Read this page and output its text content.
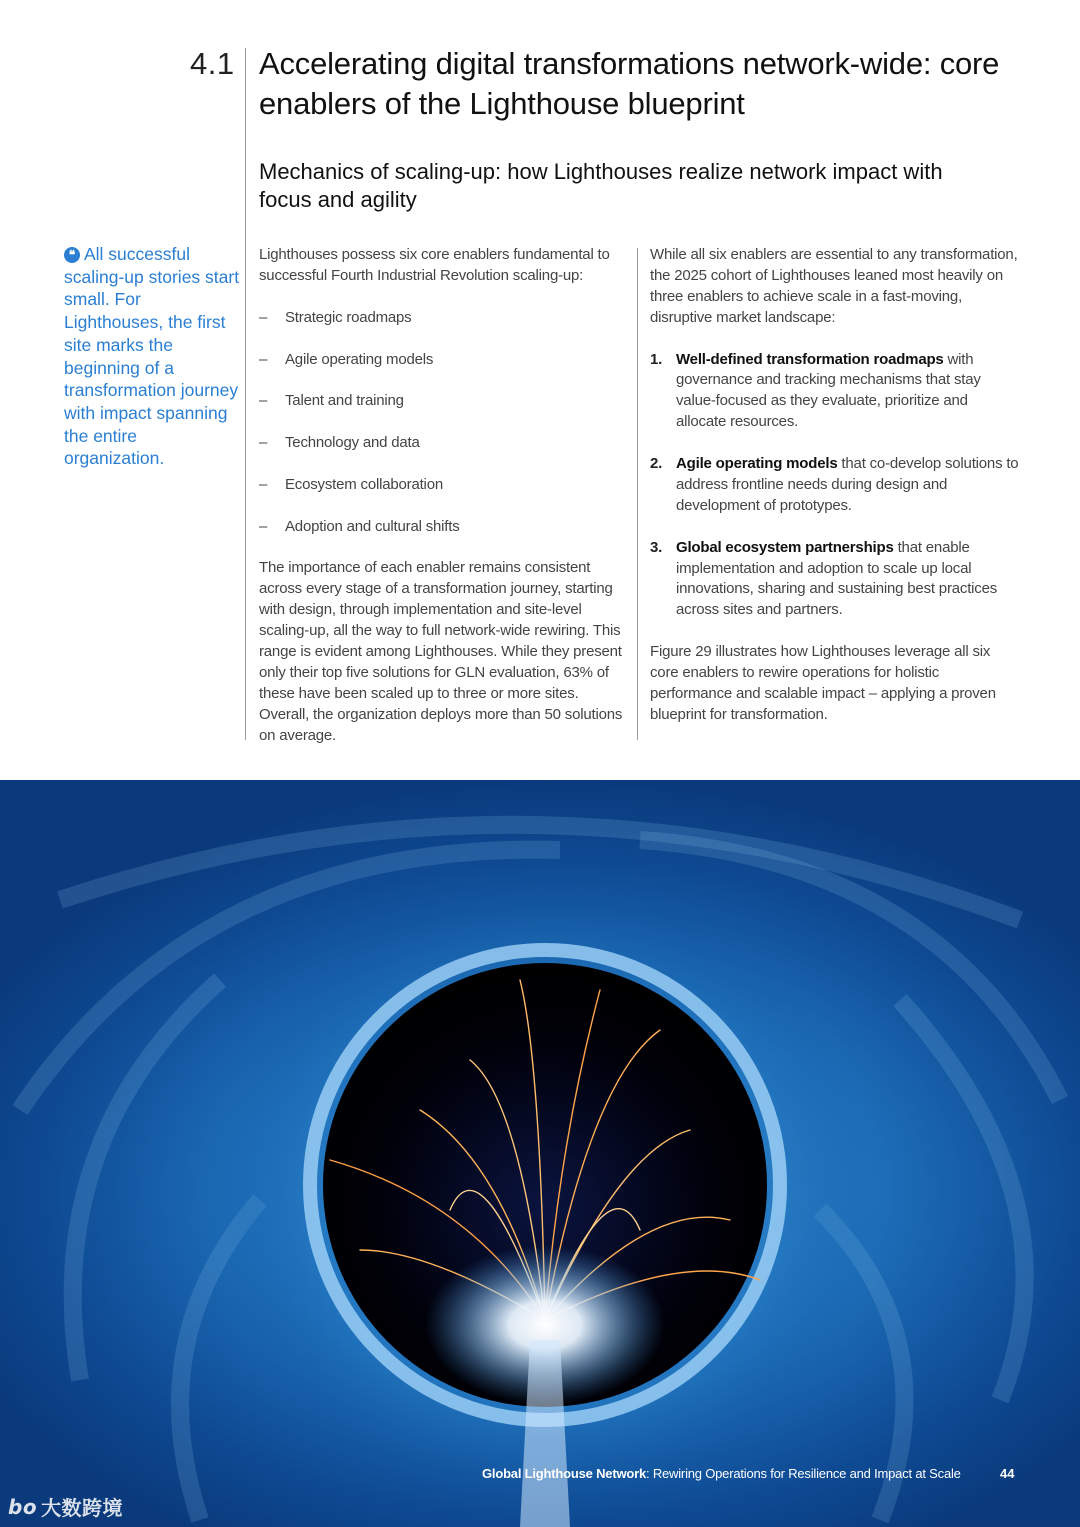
4.1 Accelerating digital transformations network-wide: core enablers of the Lighthouse blueprint
Mechanics of scaling-up: how Lighthouses realize network impact with focus and agility
❝ All successful scaling-up stories start small. For Lighthouses, the first site marks the beginning of a transformation journey with impact spanning the entire organization.

Lighthouses possess six core enablers fundamental to successful Fourth Industrial Revolution scaling-up:

– Strategic roadmaps
– Agile operating models
– Talent and training
– Technology and data
– Ecosystem collaboration
– Adoption and cultural shifts

The importance of each enabler remains consistent across every stage of a transformation journey, starting with design, through implementation and site-level scaling-up, all the way to full network-wide rewiring. This range is evident among Lighthouses. While they present only their top five solutions for GLN evaluation, 63% of these have been scaled up to three or more sites. Overall, the organization deploys more than 50 solutions on average.

While all six enablers are essential to any transformation, the 2025 cohort of Lighthouses leaned most heavily on three enablers to achieve scale in a fast-moving, disruptive market landscape:

1. Well-defined transformation roadmaps with governance and tracking mechanisms that stay value-focused as they evaluate, prioritize and allocate resources.
2. Agile operating models that co-develop solutions to address frontline needs during design and development of prototypes.
3. Global ecosystem partnerships that enable implementation and adoption to scale up local innovations, sharing and sustaining best practices across sites and partners.

Figure 29 illustrates how Lighthouses leverage all six core enablers to rewire operations for holistic performance and scalable impact – applying a proven blueprint for transformation.

Global Lighthouse Network: Rewiring Operations for Resilience and Impact at Scale	44
bo 大数跨境
